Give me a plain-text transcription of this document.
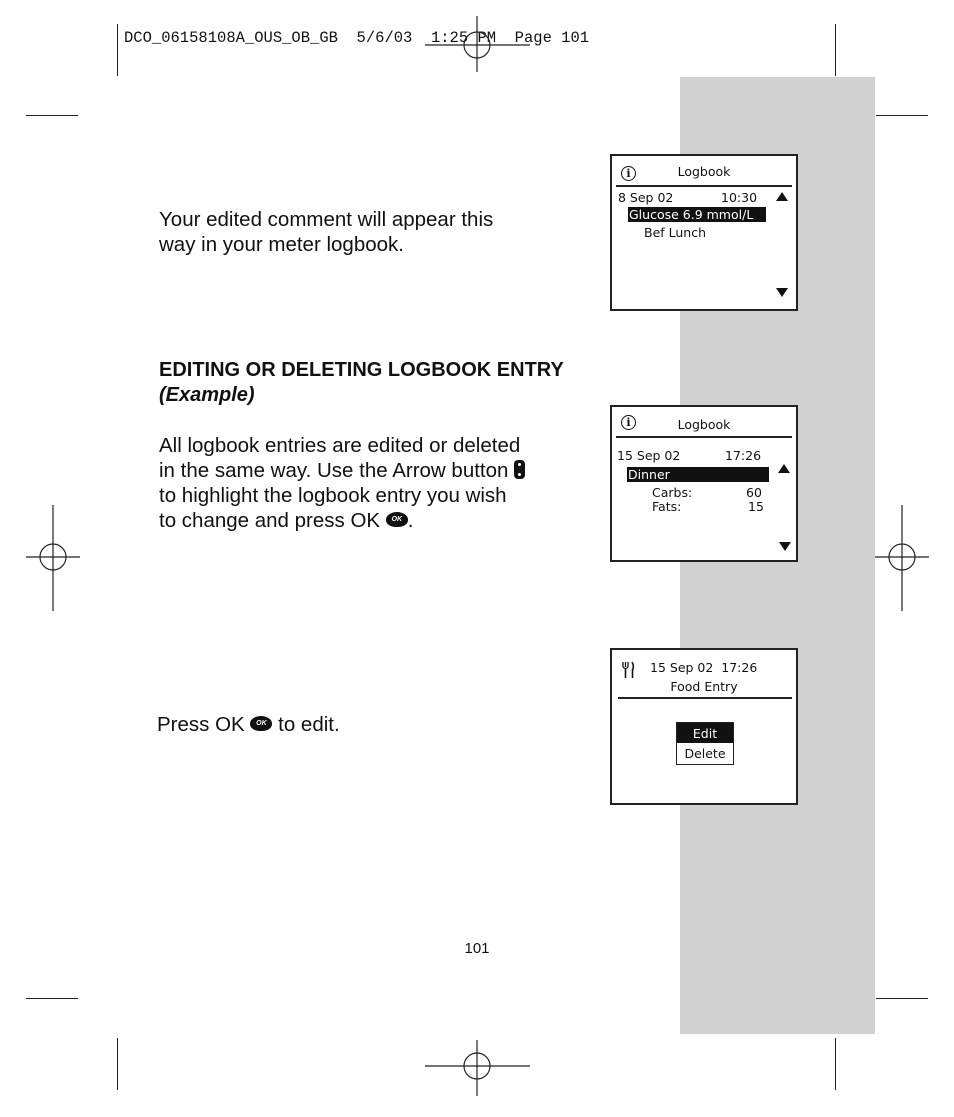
DCO_06158108A_OUS_OB_GB  5/6/03  1:25 PM  Page 101
Your edited comment will appear this
way in your meter logbook.
i	Logbook
8 Sep 02	10:30
Glucose 6.9 mmol/L
Bef Lunch
EDITING OR DELETING LOGBOOK ENTRY
(Example)
All logbook entries are edited or deleted
in the same way. Use the Arrow button
to highlight the logbook entry you wish
to change and press OK OK .
i	Logbook
15 Sep 02	17:26
Dinner
Carbs:	60
Fats:	15
Press OK OK to edit.
15 Sep 02  17:26
Food Entry
Edit
Delete
101
